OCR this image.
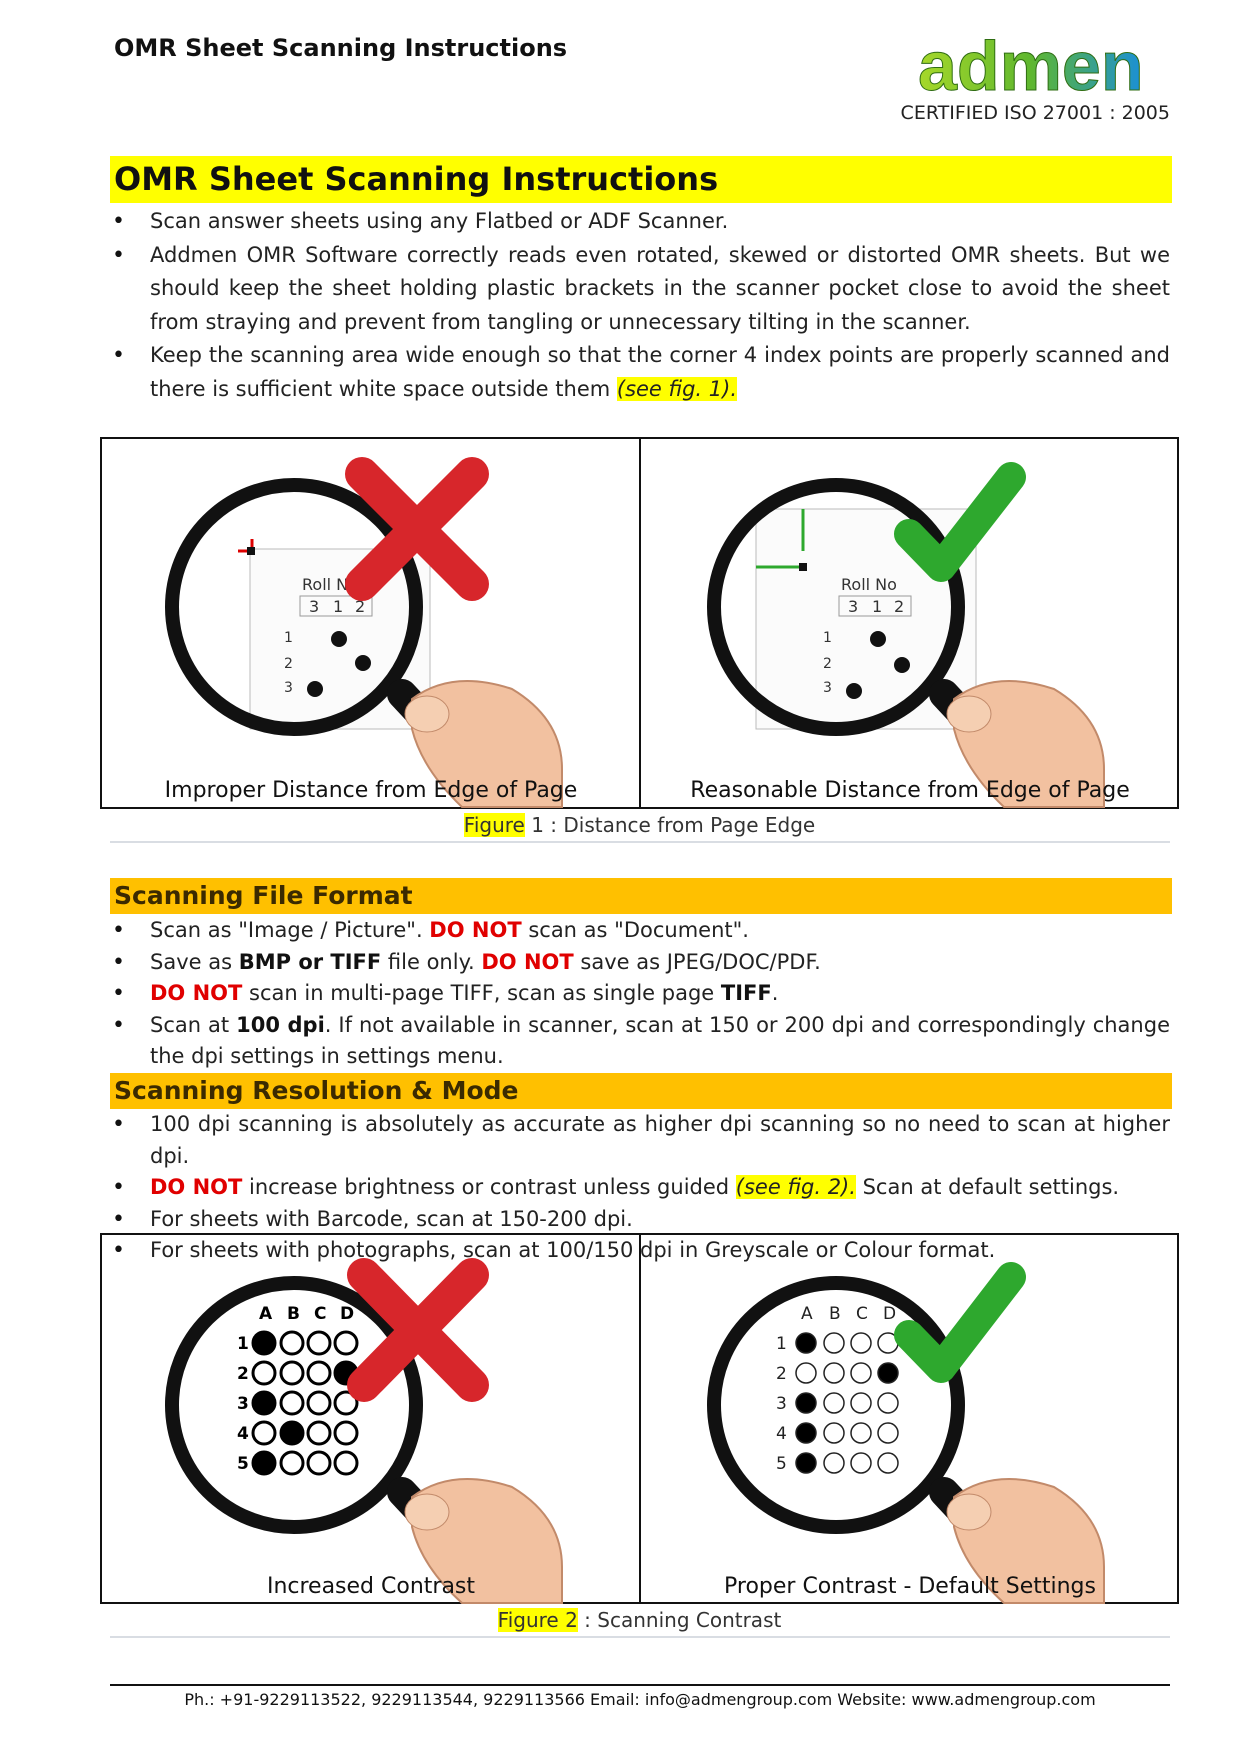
OMR Sheet Scanning Instructions	admen
CERTIFIED ISO 27001 : 2005
OMR Sheet Scanning Instructions
• Scan answer sheets using any Flatbed or ADF Scanner.
• Addmen OMR Software correctly reads even rotated, skewed or distorted OMR sheets. But we should keep the sheet holding plastic brackets in the scanner pocket close to avoid the sheet from straying and prevent from tangling or unnecessary tilting in the scanner.
• Keep the scanning area wide enough so that the corner 4 index points are properly scanned and there is sufficient white space outside them (see fig. 1).
Roll No
3 1 2
1
2
3
Improper Distance from Edge of Page
Roll No
3 1 2
1
2
3
Reasonable Distance from Edge of Page
Figure 1 : Distance from Page Edge
Scanning File Format
• Scan as "Image / Picture". DO NOT scan as "Document".
• Save as BMP or TIFF file only. DO NOT save as JPEG/DOC/PDF.
• DO NOT scan in multi-page TIFF, scan as single page TIFF.
• Scan at 100 dpi. If not available in scanner, scan at 150 or 200 dpi and correspondingly change the dpi settings in settings menu.
Scanning Resolution & Mode
• 100 dpi scanning is absolutely as accurate as higher dpi scanning so no need to scan at higher dpi.
• DO NOT increase brightness or contrast unless guided (see fig. 2). Scan at default settings.
• For sheets with Barcode, scan at 150-200 dpi.
• For sheets with photographs, scan at 100/150 dpi in Greyscale or Colour format.
A B C D
1
2
3
4
5
Increased Contrast
A B C D
1
2
3
4
5
Proper Contrast - Default Settings
Figure 2 : Scanning Contrast
Ph.: +91-9229113522, 9229113544, 9229113566 Email: info@admengroup.com Website: www.admengroup.com
